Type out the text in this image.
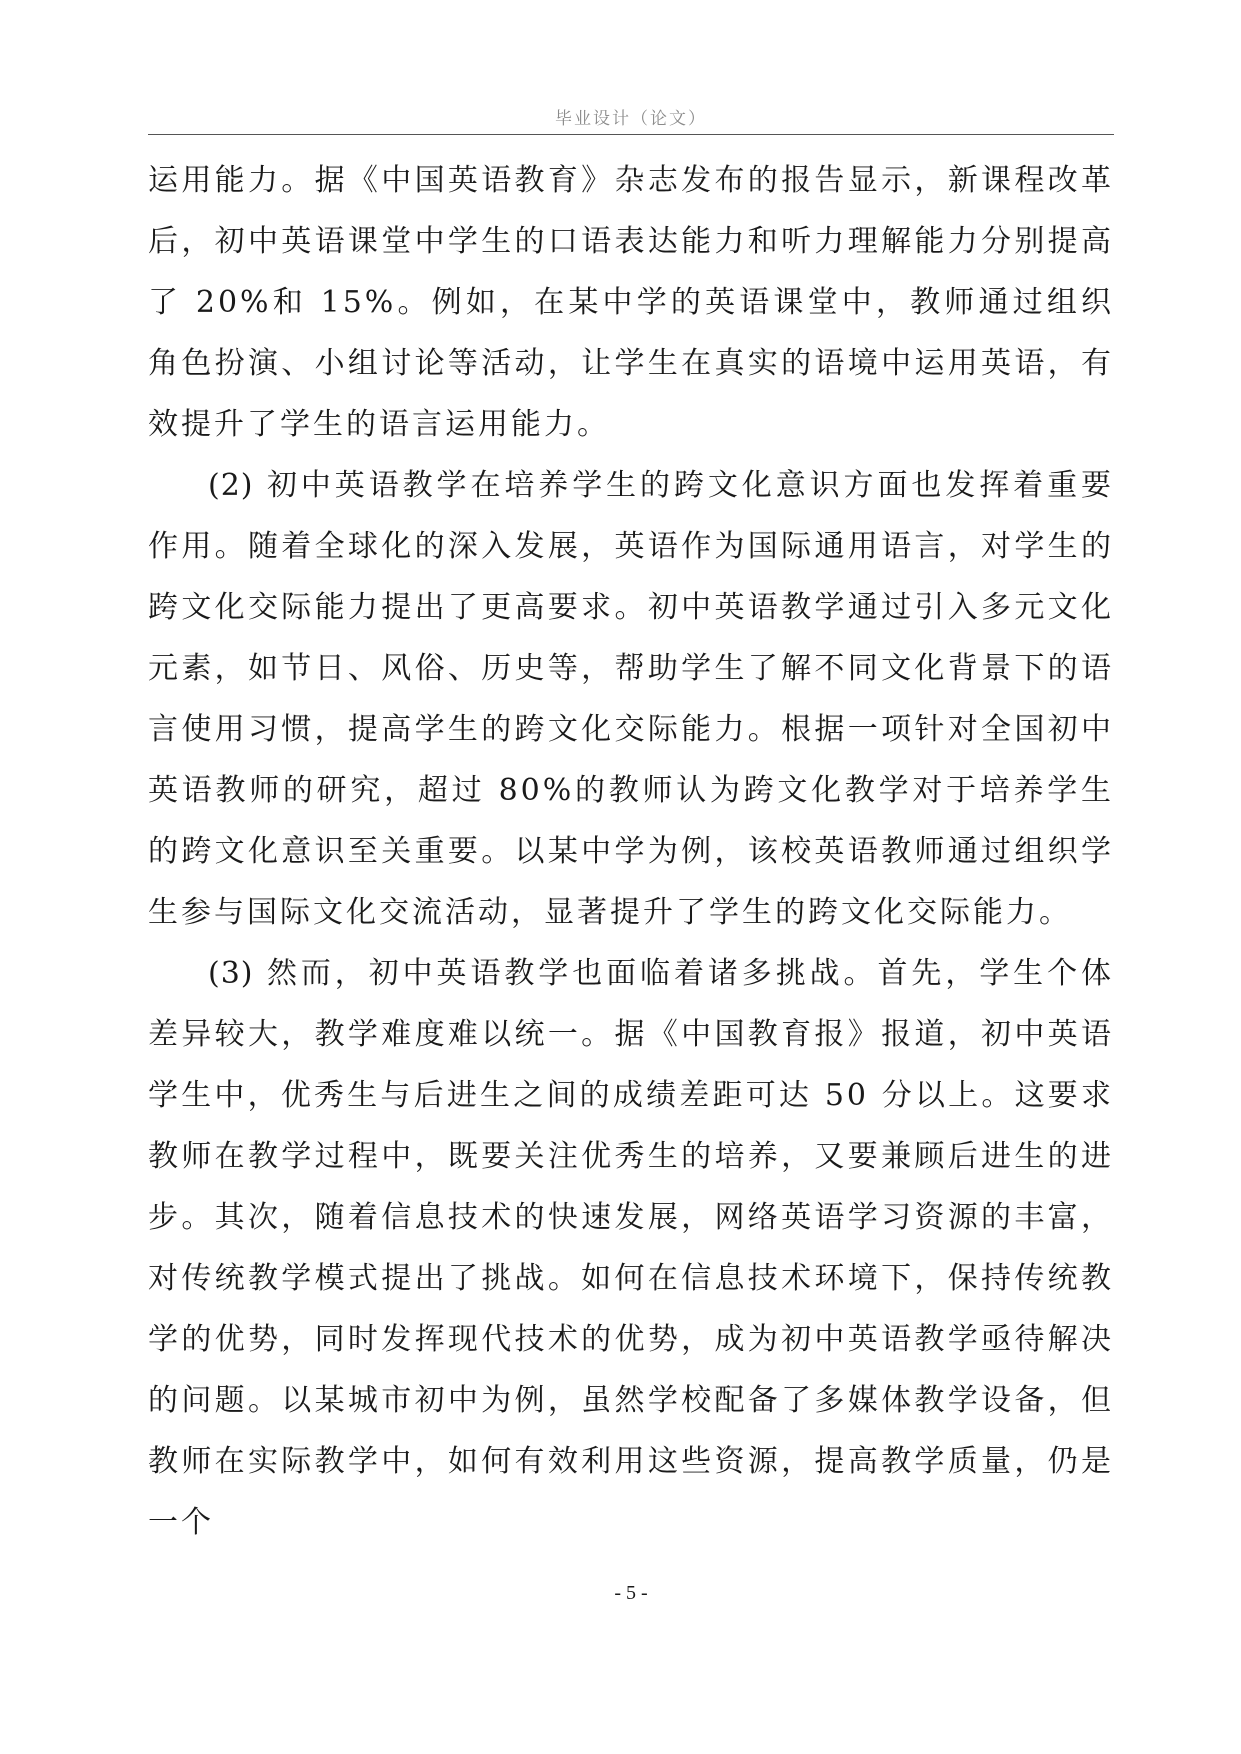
毕业设计（论文）

运用能力。据《中国英语教育》杂志发布的报告显示，新课程改革后，初中英语课堂中学生的口语表达能力和听力理解能力分别提高了 20%和 15%。例如，在某中学的英语课堂中，教师通过组织角色扮演、小组讨论等活动，让学生在真实的语境中运用英语，有效提升了学生的语言运用能力。

(2) 初中英语教学在培养学生的跨文化意识方面也发挥着重要作用。随着全球化的深入发展，英语作为国际通用语言，对学生的跨文化交际能力提出了更高要求。初中英语教学通过引入多元文化元素，如节日、风俗、历史等，帮助学生了解不同文化背景下的语言使用习惯，提高学生的跨文化交际能力。根据一项针对全国初中英语教师的研究，超过 80%的教师认为跨文化教学对于培养学生的跨文化意识至关重要。以某中学为例，该校英语教师通过组织学生参与国际文化交流活动，显著提升了学生的跨文化交际能力。

(3) 然而，初中英语教学也面临着诸多挑战。首先，学生个体差异较大，教学难度难以统一。据《中国教育报》报道，初中英语学生中，优秀生与后进生之间的成绩差距可达 50 分以上。这要求教师在教学过程中，既要关注优秀生的培养，又要兼顾后进生的进步。其次，随着信息技术的快速发展，网络英语学习资源的丰富，对传统教学模式提出了挑战。如何在信息技术环境下，保持传统教学的优势，同时发挥现代技术的优势，成为初中英语教学亟待解决的问题。以某城市初中为例，虽然学校配备了多媒体教学设备，但教师在实际教学中，如何有效利用这些资源，提高教学质量，仍是一个

- 5 -
